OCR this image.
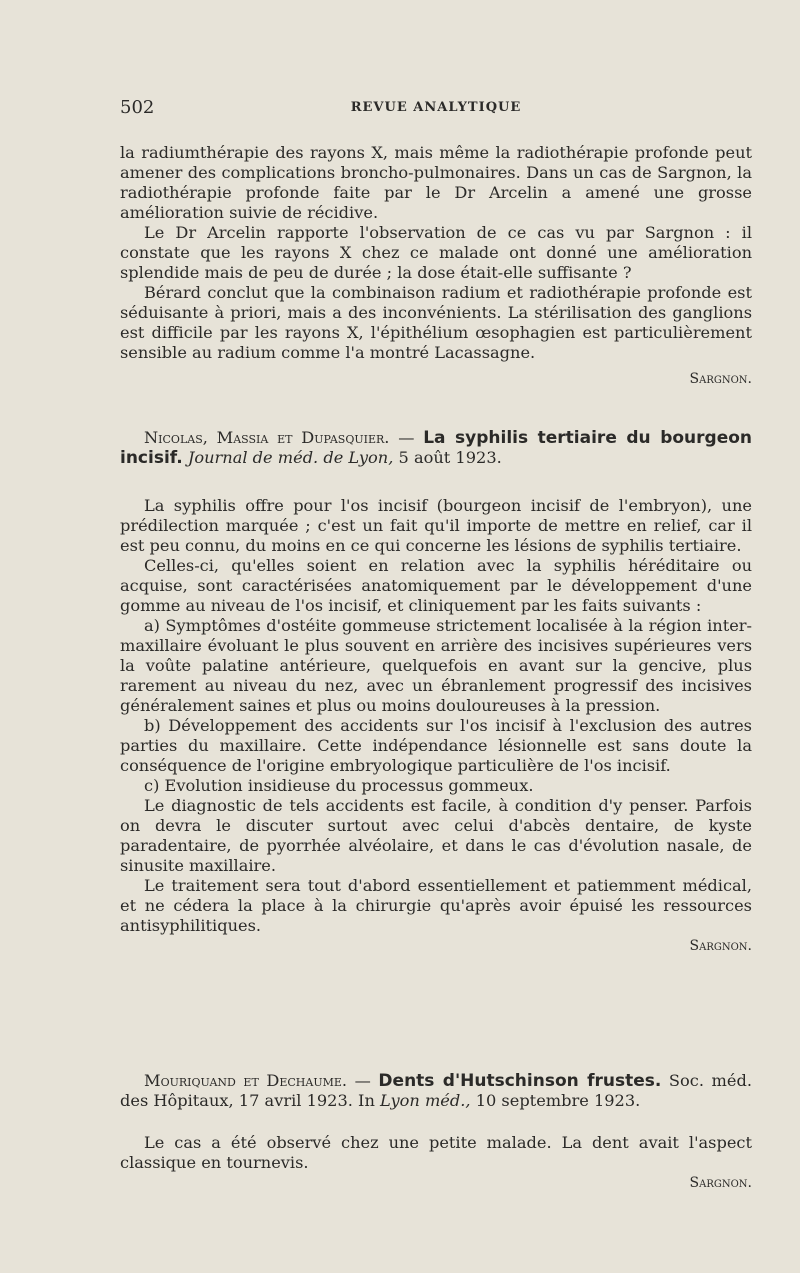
502	REVUE ANALYTIQUE

la radiumthérapie des rayons X, mais même la radiothérapie profonde peut amener des complications broncho-pulmonaires. Dans un cas de Sargnon, la radiothérapie profonde faite par le Dr Arcelin a amené une grosse amélioration suivie de récidive.

Le Dr Arcelin rapporte l'observation de ce cas vu par Sargnon : il constate que les rayons X chez ce malade ont donné une amélioration splendide mais de peu de durée ; la dose était-elle suffisante ?

Bérard conclut que la combinaison radium et radiothérapie profonde est séduisante à priori, mais a des inconvénients. La stérilisation des ganglions est difficile par les rayons X, l'épithélium œsophagien est particulièrement sensible au radium comme l'a montré Lacassagne.

Sargnon.

Nicolas, Massia et Dupasquier. — La syphilis tertiaire du bourgeon incisif. Journal de méd. de Lyon, 5 août 1923.

La syphilis offre pour l'os incisif (bourgeon incisif de l'embryon), une prédilection marquée ; c'est un fait qu'il importe de mettre en relief, car il est peu connu, du moins en ce qui concerne les lésions de syphilis tertiaire.

Celles-ci, qu'elles soient en relation avec la syphilis héréditaire ou acquise, sont caractérisées anatomiquement par le développement d'une gomme au niveau de l'os incisif, et cliniquement par les faits suivants :

a) Symptômes d'ostéite gommeuse strictement localisée à la région inter-maxillaire évoluant le plus souvent en arrière des incisives supérieures vers la voûte palatine antérieure, quelquefois en avant sur la gencive, plus rarement au niveau du nez, avec un ébranlement progressif des incisives généralement saines et plus ou moins douloureuses à la pression.

b) Développement des accidents sur l'os incisif à l'exclusion des autres parties du maxillaire. Cette indépendance lésionnelle est sans doute la conséquence de l'origine embryologique particulière de l'os incisif.

c) Evolution insidieuse du processus gommeux.

Le diagnostic de tels accidents est facile, à condition d'y penser. Parfois on devra le discuter surtout avec celui d'abcès dentaire, de kyste paradentaire, de pyorrhée alvéolaire, et dans le cas d'évolution nasale, de sinusite maxillaire.

Le traitement sera tout d'abord essentiellement et patiemment médical, et ne cédera la place à la chirurgie qu'après avoir épuisé les ressources antisyphilitiques.

Sargnon.

Mouriquand et Dechaume. — Dents d'Hutschinson frustes. Soc. méd. des Hôpitaux, 17 avril 1923. In Lyon méd., 10 septembre 1923.

Le cas a été observé chez une petite malade. La dent avait l'aspect classique en tournevis.

Sargnon.
